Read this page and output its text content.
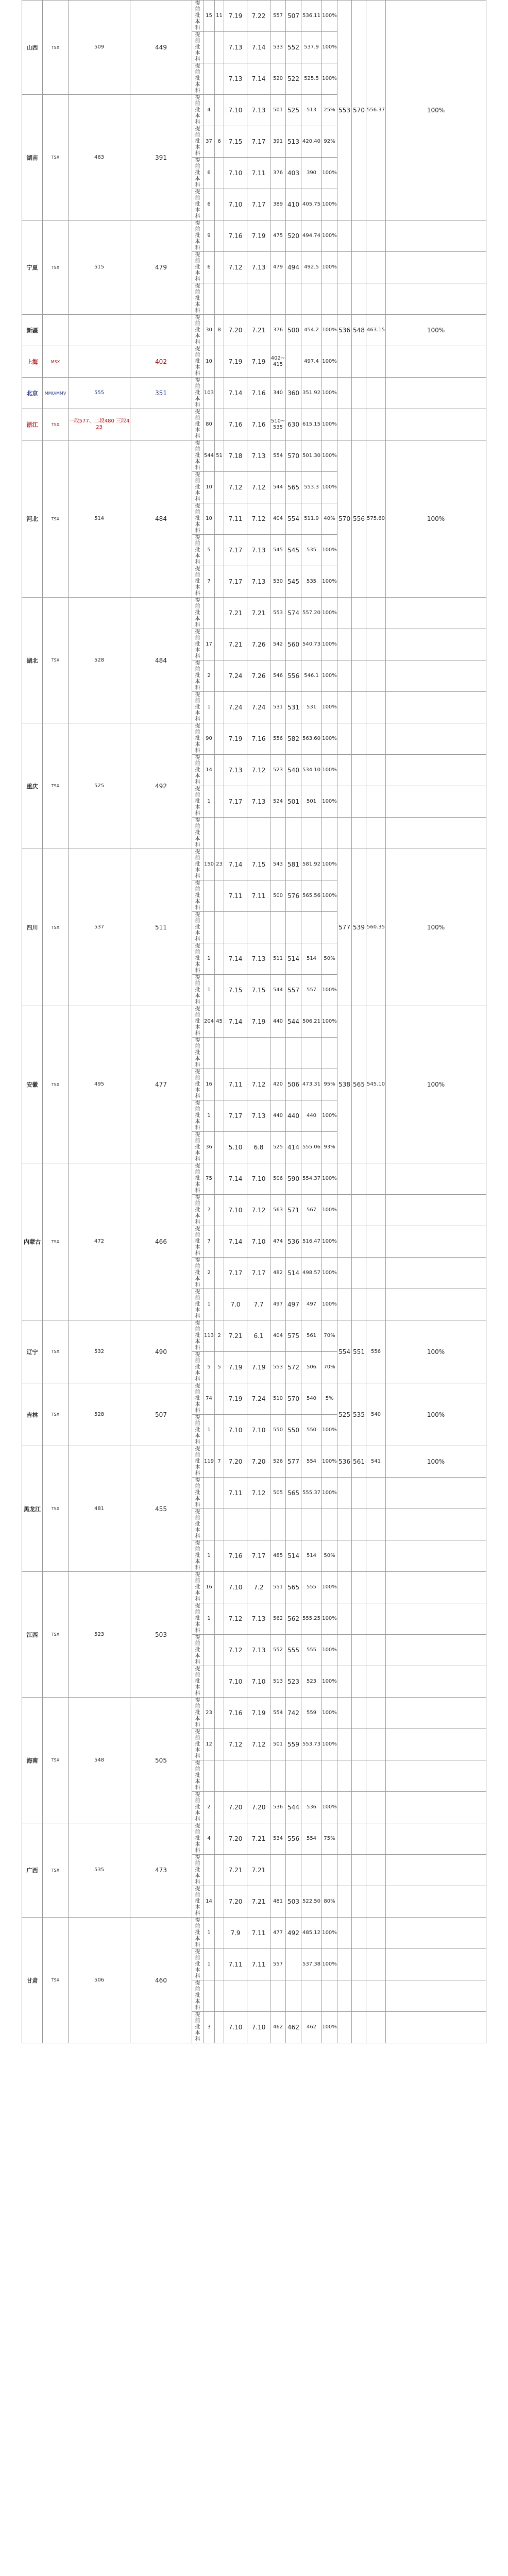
山西	TSX	509	449	提前批本科	15	11	7.19	7.22	557	507	536.11	100%	553	570	556.37	100%

				提前批本科			7.13	7.14	533	552	537.9	100%				

				提前批本科			7.13	7.14	520	522	525.5	100%				
湖南	TSX	463	391	提前批本科	4		7.10	7.13	501	525	513	25%				

				提前批本科	37	6	7.15	7.17	391	513	420.40	92%				

				提前批本科	6		7.10	7.11	376	403	390	100%				

				提前批本科	6		7.10	7.17	389	410	405.75	100%				
宁夏	TSX	515	479	提前批本科	9		7.16	7.19	475	520	494.74	100%				

				提前批本科	6		7.12	7.13	479	494	492.5	100%				

				提前批本科												

新疆				提前批本科	30	8	7.20	7.21	376	500	454.2	100%	536	548	463.15	100%
上海	MSX		402	提前批本科	10		7.19	7.19	402~415		497.4	100%				
北京	MMU/MMV	555	351	提前批本科	103		7.14	7.16	340	360	351.92	100%				
浙江	TSX	一段577、二段480 三段423		提前批本科	80		7.16	7.16	510~535	630	615.15	100%				
河北	TSX	514	484	提前批本科	544	51	7.18	7.13	554	570	501.30	100%	570	556	575.60	100%

				提前批本科	10		7.12	7.12	544	565	553.3	100%				

				提前批本科	10		7.11	7.12	404	554	511.9	40%				

				提前批本科	5		7.17	7.13	545	545	535	100%				

				提前批本科	7		7.17	7.13	530	545	535	100%				
湖北	TSX	528	484	提前批本科			7.21	7.21	553	574	557.20	100%				

				提前批本科	17		7.21	7.26	542	560	540.73	100%				

				提前批本科	2		7.24	7.26	546	556	546.1	100%				

				提前批本科	1		7.24	7.24	531	531	531	100%				
重庆	TSX	525	492	提前批本科	90		7.19	7.16	556	582	563.60	100%				

				提前批本科	14		7.13	7.12	523	540	534.10	100%				

				提前批本科	1		7.17	7.13	524	501	501	100%				

				提前批本科												

四川	TSX	537	511	提前批本科	150	23	7.14	7.15	543	581	581.92	100%	577	539	560.35	100%

				提前批本科			7.11	7.11	500	576	565.56	100%				

				提前批本科												

				提前批本科	1		7.14	7.13	511	514	514	50%				

				提前批本科	1		7.15	7.15	544	557	557	100%				
安徽	TSX	495	477	提前批本科	204	45	7.14	7.19	440	544	506.21	100%	538	565	545.10	100%

				提前批本科												

				提前批本科	16		7.11	7.12	420	506	473.31	95%				

				提前批本科	1		7.17	7.13	440	440	440	100%				

				提前批本科	36		5.10	6.8	525	414	555.06	93%				
内蒙古	TSX	472	466	提前批本科	75		7.14	7.10	506	590	554.37	100%				

				提前批本科	7		7.10	7.12	563	571	567	100%				

				提前批本科	7		7.14	7.10	474	536	516.47	100%				

				提前批本科	2		7.17	7.17	482	514	498.57	100%				

				提前批本科	1		7.0	7.7	497	497	497	100%				
辽宁	TSX	532	490	提前批本科	113	2	7.21	6.1	404	575	561	70%	554	551	556	100%

				提前批本科	5	5	7.19	7.19	553	572	506	70%				
吉林	TSX	528	507	提前批本科	74		7.19	7.24	510	570	540	5%	525	535	540	100%

				提前批本科	1		7.10	7.10	550	550	550	100%				
黑龙江	TSX	481	455	提前批本科	119	7	7.20	7.20	526	577	554	100%	536	561	541	100%

				提前批本科			7.11	7.12	505	565	555.37	100%				

				提前批本科												

				提前批本科	1		7.16	7.17	485	514	514	50%				
江西	TSX	523	503	提前批本科	16		7.10	7.2	551	565	555	100%				

				提前批本科	1		7.12	7.13	562	562	555.25	100%				

				提前批本科			7.12	7.13	552	555	555	100%				

				提前批本科			7.10	7.10	513	523	523	100%				
海南	TSX	548	505	提前批本科	23		7.16	7.19	554	742	559	100%				

				提前批本科	12		7.12	7.12	501	559	553.73	100%				

				提前批本科												

				提前批本科	2		7.20	7.20	536	544	536	100%				
广西	TSX	535	473	提前批本科	4		7.20	7.21	534	556	554	75%				

				提前批本科			7.21	7.21								

				提前批本科	14		7.20	7.21	481	503	522.50	80%				
甘肃	TSX	506	460	提前批本科	1		7.9	7.11	477	492	485.12	100%				

				提前批本科	1		7.11	7.11	557		537.38	100%				

				提前批本科												

				提前批本科	3		7.10	7.10	462	462	462	100%				
